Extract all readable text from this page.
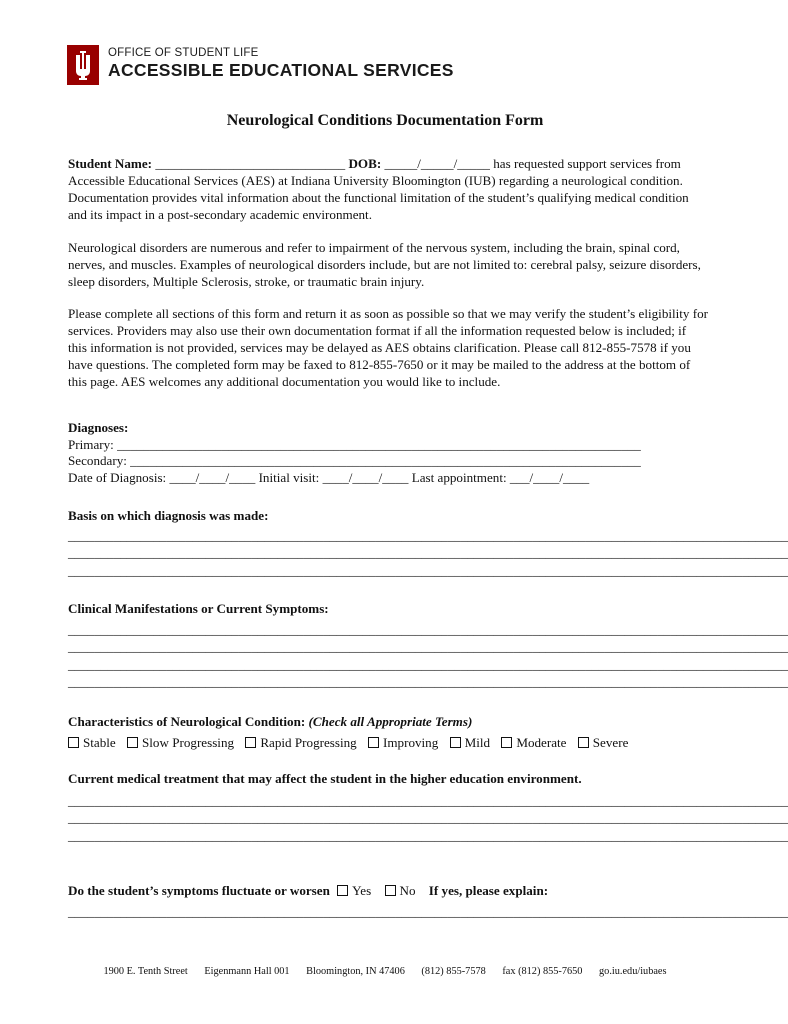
OFFICE OF STUDENT LIFE
ACCESSIBLE EDUCATIONAL SERVICES
Neurological Conditions Documentation Form
Student Name: _____________________________ DOB: _____/_____/_____ has requested support services from Accessible Educational Services (AES) at Indiana University Bloomington (IUB) regarding a neurological condition. Documentation provides vital information about the functional limitation of the student’s qualifying medical condition and its impact in a post-secondary academic environment.
Neurological disorders are numerous and refer to impairment of the nervous system, including the brain, spinal cord, nerves, and muscles. Examples of neurological disorders include, but are not limited to: cerebral palsy, seizure disorders, sleep disorders, Multiple Sclerosis, stroke, or traumatic brain injury.
Please complete all sections of this form and return it as soon as possible so that we may verify the student’s eligibility for services. Providers may also use their own documentation format if all the information requested below is included; if this information is not provided, services may be delayed as AES obtains clarification. Please call 812-855-7578 if you have questions. The completed form may be faxed to 812-855-7650 or it may be mailed to the address at the bottom of this page. AES welcomes any additional documentation you would like to include.
Diagnoses:
Primary: ________________________________________________________________________________
Secondary: ______________________________________________________________________________
Date of Diagnosis: ____/____/____ Initial visit: ____/____/____ Last appointment: ___/____/____
Basis on which diagnosis was made:
______________________________________________________________________________________________________________
______________________________________________________________________________________________________________
______________________________________________________________________________________________________________
Clinical Manifestations or Current Symptoms:
______________________________________________________________________________________________________________
______________________________________________________________________________________________________________
______________________________________________________________________________________________________________
______________________________________________________________________________________________________________
Characteristics of Neurological Condition: (Check all Appropriate Terms)
Stable Slow Progressing Rapid Progressing Improving Mild Moderate Severe
Current medical treatment that may affect the student in the higher education environment.
______________________________________________________________________________________________________________
______________________________________________________________________________________________________________
______________________________________________________________________________________________________________
Do the student’s symptoms fluctuate or worsen Yes No If yes, please explain:
______________________________________________________________________________________________________________
1900 E. Tenth Street Eigenmann Hall 001 Bloomington, IN 47406 (812) 855-7578 fax (812) 855-7650 go.iu.edu/iubaes
